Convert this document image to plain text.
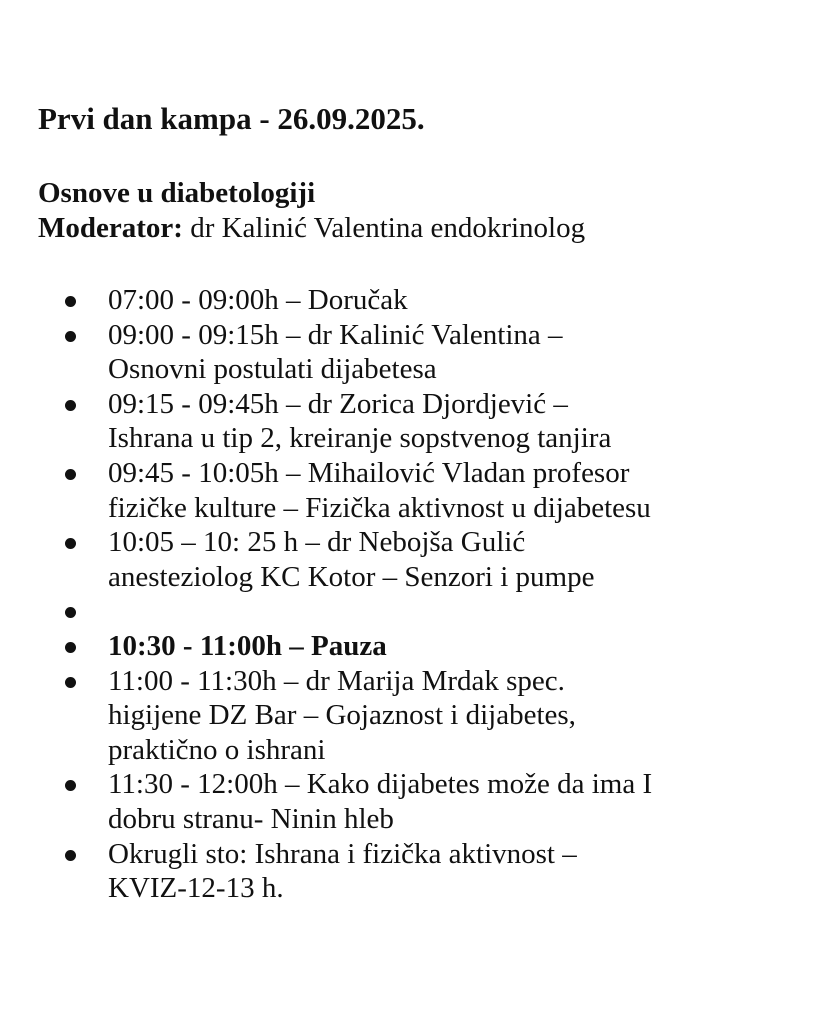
Prvi dan kampa - 26.09.2025.
Osnove u diabetologiji

Moderator: dr Kalinić Valentina endokrinolog

07:00 - 09:00h – Doručak
09:00 - 09:15h – dr Kalinić Valentina –
Osnovni postulati dijabetesa
09:15 - 09:45h – dr Zorica Djordjević –
Ishrana u tip 2, kreiranje sopstvenog tanjira
09:45 - 10:05h – Mihailović Vladan profesor
fizičke kulture – Fizička aktivnost u dijabetesu
10:05 – 10: 25 h – dr Nebojša Gulić
anesteziolog KC Kotor – Senzori i pumpe
10:30 - 11:00h – Pauza
11:00 - 11:30h – dr Marija Mrdak spec.
higijene DZ Bar – Gojaznost i dijabetes,
praktično o ishrani
11:30 - 12:00h – Kako dijabetes može da ima I
dobru stranu- Ninin hleb
Okrugli sto: Ishrana i fizička aktivnost –
KVIZ-12-13 h.
